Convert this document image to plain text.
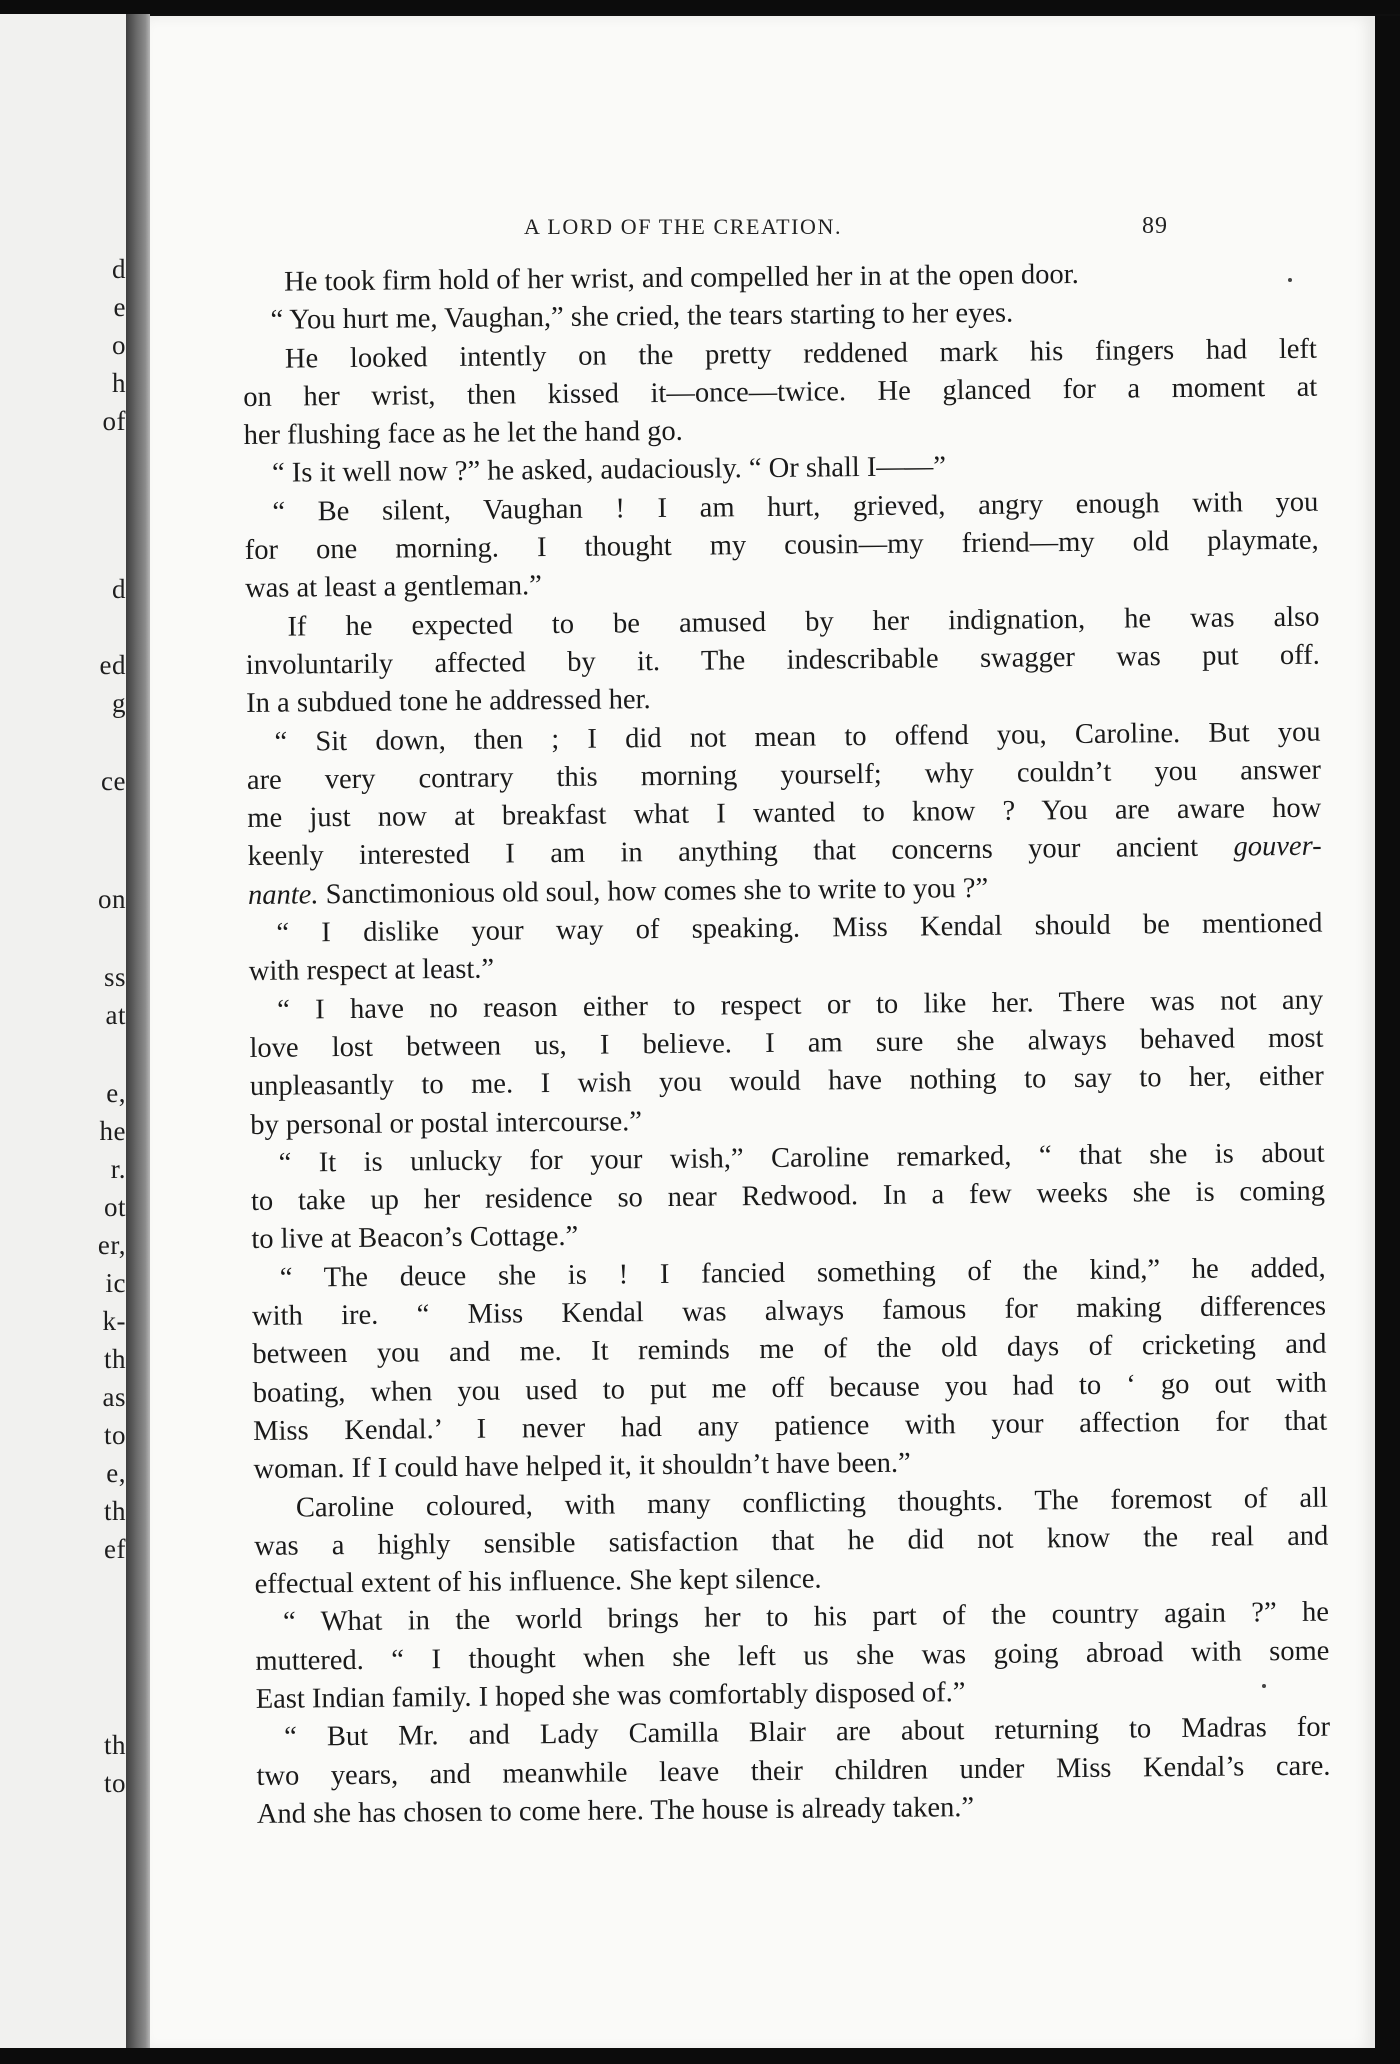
d
e
o
h
of
d
ed
g
ce
on
ss
at
e,
he
r.
ot
er,
ic
k-
th
as
to
e,
th
ef
th
to
A LORD OF THE CREATION.	89
He took firm hold of her wrist, and compelled her in at the open door.
“ You hurt me, Vaughan,” she cried, the tears starting to her eyes.
He looked intently on the pretty reddened mark his fingers had left
on her wrist, then kissed it—once—twice. He glanced for a moment at
her flushing face as he let the hand go.
“ Is it well now ?” he asked, audaciously. “ Or shall I——”
“ Be silent, Vaughan ! I am hurt, grieved, angry enough with you
for one morning. I thought my cousin—my friend—my old playmate,
was at least a gentleman.”
If he expected to be amused by her indignation, he was also
involuntarily affected by it. The indescribable swagger was put off.
In a subdued tone he addressed her.
“ Sit down, then ; I did not mean to offend you, Caroline. But you
are very contrary this morning yourself; why couldn’t you answer
me just now at breakfast what I wanted to know ? You are aware how
keenly interested I am in anything that concerns your ancient gouver-
nante. Sanctimonious old soul, how comes she to write to you ?”
“ I dislike your way of speaking. Miss Kendal should be mentioned
with respect at least.”
“ I have no reason either to respect or to like her. There was not any
love lost between us, I believe. I am sure she always behaved most
unpleasantly to me. I wish you would have nothing to say to her, either
by personal or postal intercourse.”
“ It is unlucky for your wish,” Caroline remarked, “ that she is about
to take up her residence so near Redwood. In a few weeks she is coming
to live at Beacon’s Cottage.”
“ The deuce she is ! I fancied something of the kind,” he added,
with ire. “ Miss Kendal was always famous for making differences
between you and me. It reminds me of the old days of cricketing and
boating, when you used to put me off because you had to ‘ go out with
Miss Kendal.’ I never had any patience with your affection for that
woman. If I could have helped it, it shouldn’t have been.”
Caroline coloured, with many conflicting thoughts. The foremost of all
was a highly sensible satisfaction that he did not know the real and
effectual extent of his influence. She kept silence.
“ What in the world brings her to his part of the country again ?” he
muttered. “ I thought when she left us she was going abroad with some
East Indian family. I hoped she was comfortably disposed of.”
“ But Mr. and Lady Camilla Blair are about returning to Madras for
two years, and meanwhile leave their children under Miss Kendal’s care.
And she has chosen to come here. The house is already taken.”
